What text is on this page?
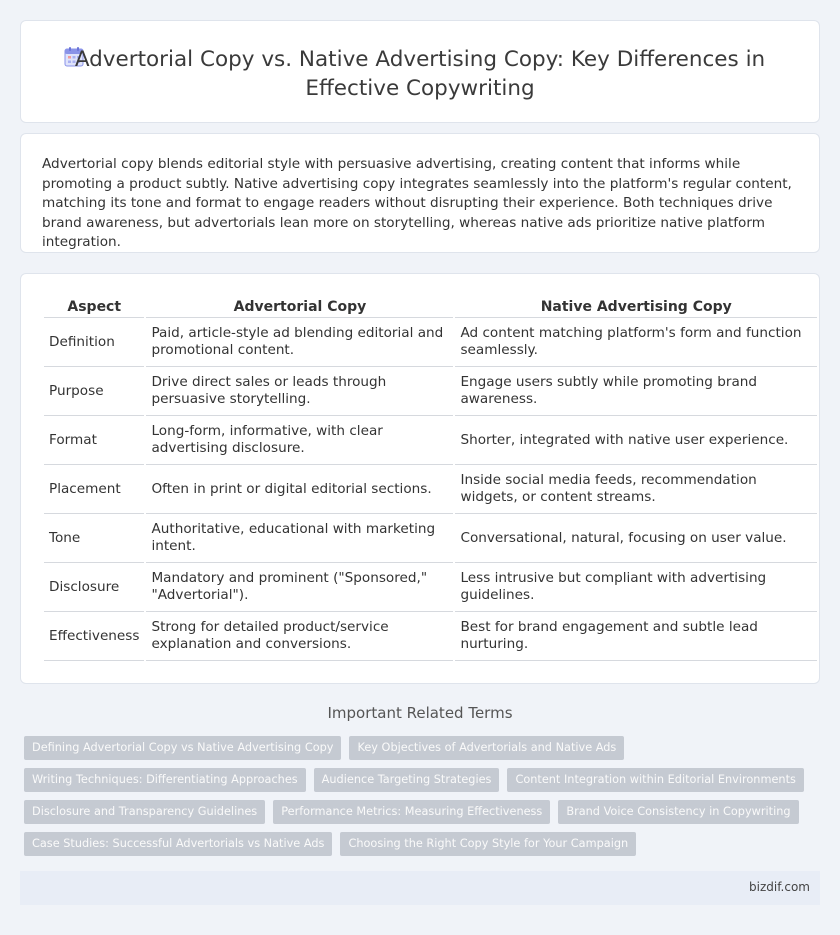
Advertorial Copy vs. Native Advertising Copy: Key Differences in Effective Copywriting

Advertorial copy blends editorial style with persuasive advertising, creating content that informs while promoting a product subtly. Native advertising copy integrates seamlessly into the platform's regular content, matching its tone and format to engage readers without disrupting their experience. Both techniques drive brand awareness, but advertorials lean more on storytelling, whereas native ads prioritize native platform integration.

Aspect	Advertorial Copy	Native Advertising Copy
Definition	Paid, article-style ad blending editorial and promotional content.	Ad content matching platform's form and function seamlessly.
Purpose	Drive direct sales or leads through persuasive storytelling.	Engage users subtly while promoting brand awareness.
Format	Long-form, informative, with clear advertising disclosure.	Shorter, integrated with native user experience.
Placement	Often in print or digital editorial sections.	Inside social media feeds, recommendation widgets, or content streams.
Tone	Authoritative, educational with marketing intent.	Conversational, natural, focusing on user value.
Disclosure	Mandatory and prominent ("Sponsored," "Advertorial").	Less intrusive but compliant with advertising guidelines.
Effectiveness	Strong for detailed product/service explanation and conversions.	Best for brand engagement and subtle lead nurturing.
Important Related Terms
Defining Advertorial Copy vs Native Advertising Copy	Key Objectives of Advertorials and Native Ads
Writing Techniques: Differentiating Approaches	Audience Targeting Strategies	Content Integration within Editorial Environments
Disclosure and Transparency Guidelines	Performance Metrics: Measuring Effectiveness	Brand Voice Consistency in Copywriting
Case Studies: Successful Advertorials vs Native Ads	Choosing the Right Copy Style for Your Campaign
bizdif.com
